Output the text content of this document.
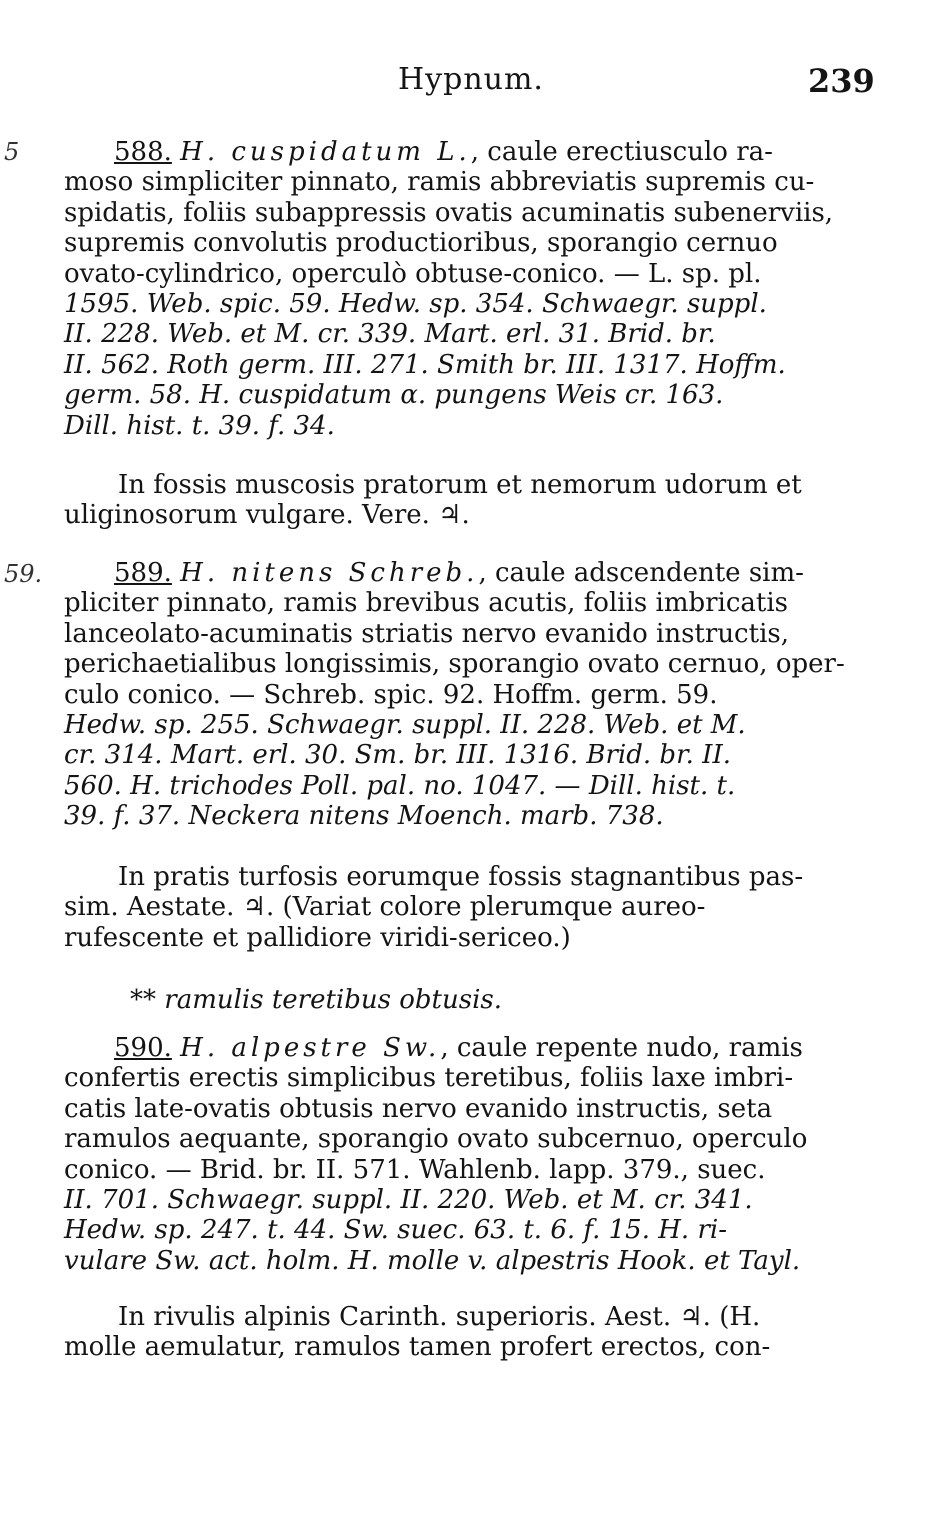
Hypnum.	239
5
59.
588. H. cuspidatum L., caule erectiusculo ra-
moso simpliciter pinnato, ramis abbreviatis supremis cu-
spidatis, foliis subappressis ovatis acuminatis subenerviis,
supremis convolutis productioribus, sporangio cernuo
ovato-cylindrico, operculò obtuse-conico. — L. sp. pl.
1595. Web. spic. 59. Hedw. sp. 354. Schwaegr. suppl.
II. 228. Web. et M. cr. 339. Mart. erl. 31. Brid. br.
II. 562. Roth germ. III. 271. Smith br. III. 1317. Hoffm.
germ. 58. H. cuspidatum α. pungens Weis cr. 163.
Dill. hist. t. 39. f. 34.
In fossis muscosis pratorum et nemorum udorum et
uliginosorum vulgare. Vere. ♃.
589. H. nitens Schreb., caule adscendente sim-
pliciter pinnato, ramis brevibus acutis, foliis imbricatis
lanceolato-acuminatis striatis nervo evanido instructis,
perichaetialibus longissimis, sporangio ovato cernuo, oper-
culo conico. — Schreb. spic. 92. Hoffm. germ. 59.
Hedw. sp. 255. Schwaegr. suppl. II. 228. Web. et M.
cr. 314. Mart. erl. 30. Sm. br. III. 1316. Brid. br. II.
560. H. trichodes Poll. pal. no. 1047. — Dill. hist. t.
39. f. 37. Neckera nitens Moench. marb. 738.
In pratis turfosis eorumque fossis stagnantibus pas-
sim. Aestate. ♃. (Variat colore plerumque aureo-
rufescente et pallidiore viridi-sericeo.)
** ramulis teretibus obtusis.
590. H. alpestre Sw., caule repente nudo, ramis
confertis erectis simplicibus teretibus, foliis laxe imbri-
catis late-ovatis obtusis nervo evanido instructis, seta
ramulos aequante, sporangio ovato subcernuo, operculo
conico. — Brid. br. II. 571. Wahlenb. lapp. 379., suec.
II. 701. Schwaegr. suppl. II. 220. Web. et M. cr. 341.
Hedw. sp. 247. t. 44. Sw. suec. 63. t. 6. f. 15. H. ri-
vulare Sw. act. holm. H. molle v. alpestris Hook. et Tayl.
In rivulis alpinis Carinth. superioris. Aest. ♃. (H.
molle aemulatur, ramulos tamen profert erectos, con-
